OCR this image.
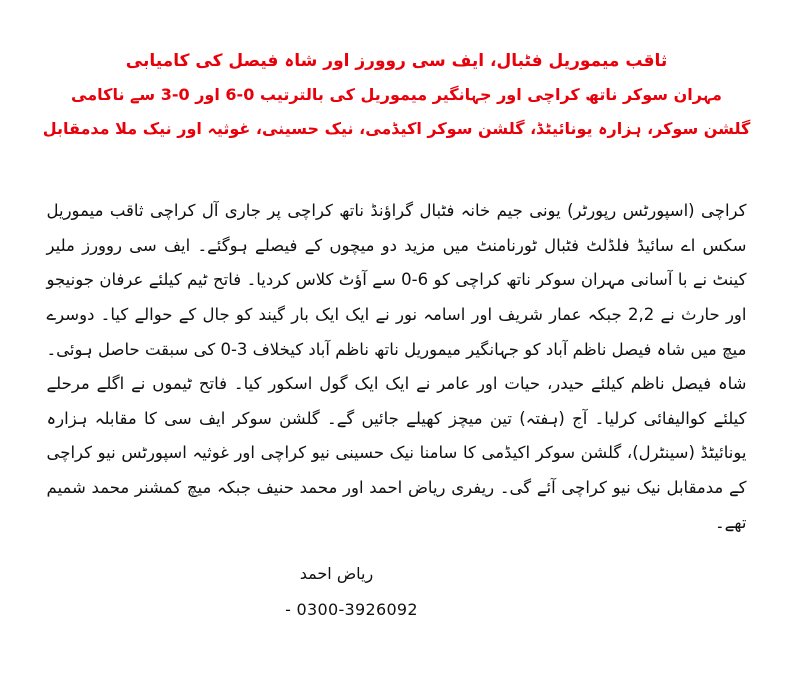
ثاقب میموریل فٹبال، ایف سی روورز اور شاہ فیصل کی کامیابی
مہران سوکر ناتھ کراچی اور جہانگیر میموریل کی بالترتیب 0-6 اور 0-3 سے ناکامی
گلشن سوکر، ہزارہ یونائیٹڈ، گلشن سوکر اکیڈمی، نیک حسینی، غوثیہ اور نیک ملا مدمقابل
کراچی (اسپورٹس رپورٹر) یونی جیم خانہ فٹبال گراؤنڈ ناتھ کراچی پر جاری آل کراچی ثاقب میموریل سکس اے سائیڈ فلڈلٹ فٹبال ٹورنامنٹ میں مزید دو میچوں کے فیصلے ہوگئے۔ ایف سی روورز ملیر کینٹ نے با آسانی مہران سوکر ناتھ کراچی کو 6-0 سے آؤٹ کلاس کردیا۔ فاتح ٹیم کیلئے عرفان جونیجو اور حارث نے 2,2 جبکہ عمار شریف اور اسامہ نور نے ایک ایک بار گیند کو جال کے حوالے کیا۔ دوسرے میچ میں شاہ فیصل ناظم آباد کو جہانگیر میموریل ناتھ ناظم آباد کیخلاف 3-0 کی سبقت حاصل ہوئی۔ شاہ فیصل ناظم کیلئے حیدر، حیات اور عامر نے ایک ایک گول اسکور کیا۔ فاتح ٹیموں نے اگلے مرحلے کیلئے کوالیفائی کرلیا۔ آج (ہفتہ) تین میچز کھیلے جائیں گے۔ گلشن سوکر ایف سی کا مقابلہ ہزارہ یونائیٹڈ (سینٹرل)، گلشن سوکر اکیڈمی کا سامنا نیک حسینی نیو کراچی اور غوثیہ اسپورٹس نیو کراچی کے مدمقابل نیک نیو کراچی آئے گی۔ ریفری ریاض احمد اور محمد حنیف جبکہ میچ کمشنر محمد شمیم تھے۔
ریاض احمد
0300-3926092 -
